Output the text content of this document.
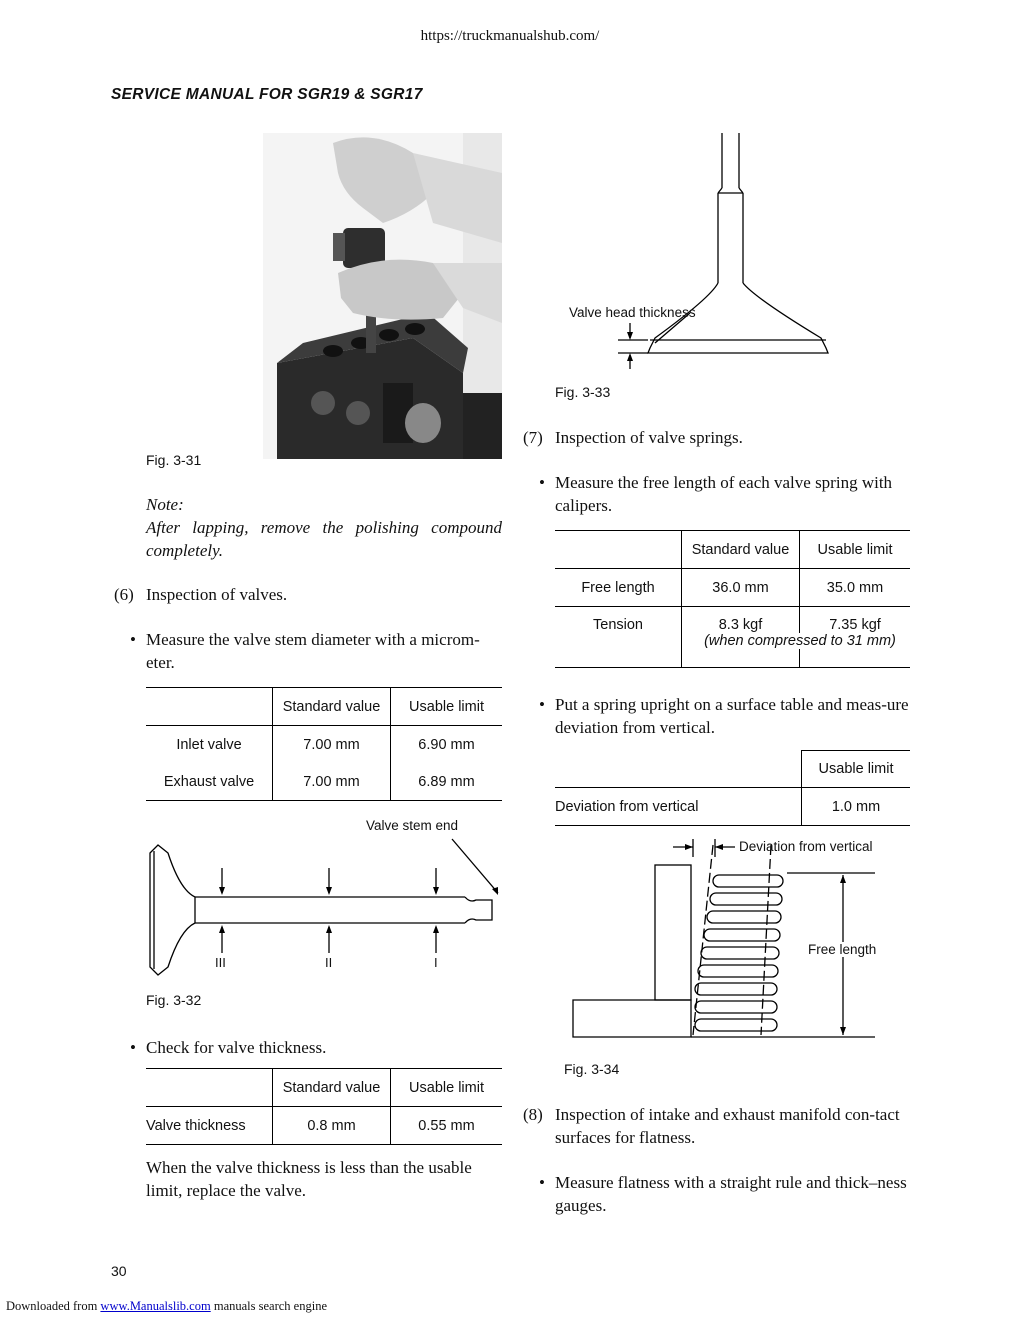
https://truckmanualshub.com/
SERVICE MANUAL FOR SGR19 & SGR17
Fig. 3-31
Note:
After lapping, remove the polishing compound completely.
(6) Inspection of valves.
• Measure the valve stem diameter with a microm-eter.
	Standard value	Usable limit
Inlet valve	7.00 mm	6.90 mm
Exhaust valve	7.00 mm	6.89 mm
Valve stem end
III	II	I
Fig. 3-32
• Check for valve thickness.
	Standard value	Usable limit
Valve thickness	0.8 mm	0.55 mm
When the valve thickness is less than the usable limit, replace the valve.
Valve head thickness
Fig. 3-33
(7) Inspection of valve springs.
• Measure the free length of each valve spring with calipers.
	Standard value	Usable limit
Free length	36.0 mm	35.0 mm
Tension	8.3 kgf	7.35 kgf
(when compressed to 31 mm)
• Put a spring upright on a surface table and meas-ure deviation from vertical.
	Usable limit
Deviation from vertical	1.0 mm
Deviation from vertical
Free length
Fig. 3-34
(8) Inspection of intake and exhaust manifold con-tact surfaces for flatness.
• Measure flatness with a straight rule and thick–ness gauges.
30
Downloaded from www.Manualslib.com manuals search engine
